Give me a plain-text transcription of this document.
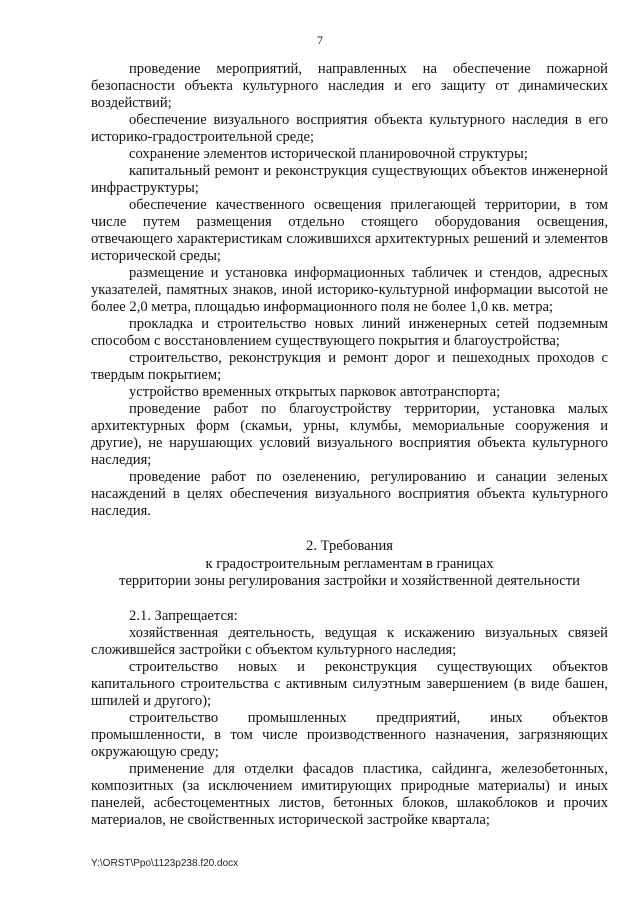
7

проведение мероприятий, направленных на обеспечение пожарной безопасности объекта культурного наследия и его защиту от динамических воздействий;

обеспечение визуального восприятия объекта культурного наследия в его историко-градостроительной среде;

сохранение элементов исторической планировочной структуры;

капитальный ремонт и реконструкция существующих объектов инженерной инфраструктуры;

обеспечение качественного освещения прилегающей территории, в том числе путем размещения отдельно стоящего оборудования освещения, отвечающего характеристикам сложившихся архитектурных решений и элементов исторической среды;

размещение и установка информационных табличек и стендов, адресных указателей, памятных знаков, иной историко-культурной информации высотой не более 2,0 метра, площадью информационного поля не более 1,0 кв. метра;

прокладка и строительство новых линий инженерных сетей подземным способом с восстановлением существующего покрытия и благоустройства;

строительство, реконструкция и ремонт дорог и пешеходных проходов с твердым покрытием;

устройство временных открытых парковок автотранспорта;

проведение работ по благоустройству территории, установка малых архитектурных форм (скамьи, урны, клумбы, мемориальные сооружения и другие), не нарушающих условий визуального восприятия объекта культурного наследия;

проведение работ по озеленению, регулированию и санации зеленых насаждений в целях обеспечения визуального восприятия объекта культурного наследия.

2. Требования
к градостроительным регламентам в границах
территории зоны регулирования застройки и хозяйственной деятельности

2.1. Запрещается:

хозяйственная деятельность, ведущая к искажению визуальных связей сложившейся застройки с объектом культурного наследия;

строительство новых и реконструкция существующих объектов капитального строительства с активным силуэтным завершением (в виде башен, шпилей и другого);

строительство промышленных предприятий, иных объектов промышленности, в том числе производственного назначения, загрязняющих окружающую среду;

применение для отделки фасадов пластика, сайдинга, железобетонных, композитных (за исключением имитирующих природные материалы) и иных панелей, асбестоцементных листов, бетонных блоков, шлакоблоков и прочих материалов, не свойственных исторической застройке квартала;

Y:\ORST\Ppo\1123p238.f20.docx
